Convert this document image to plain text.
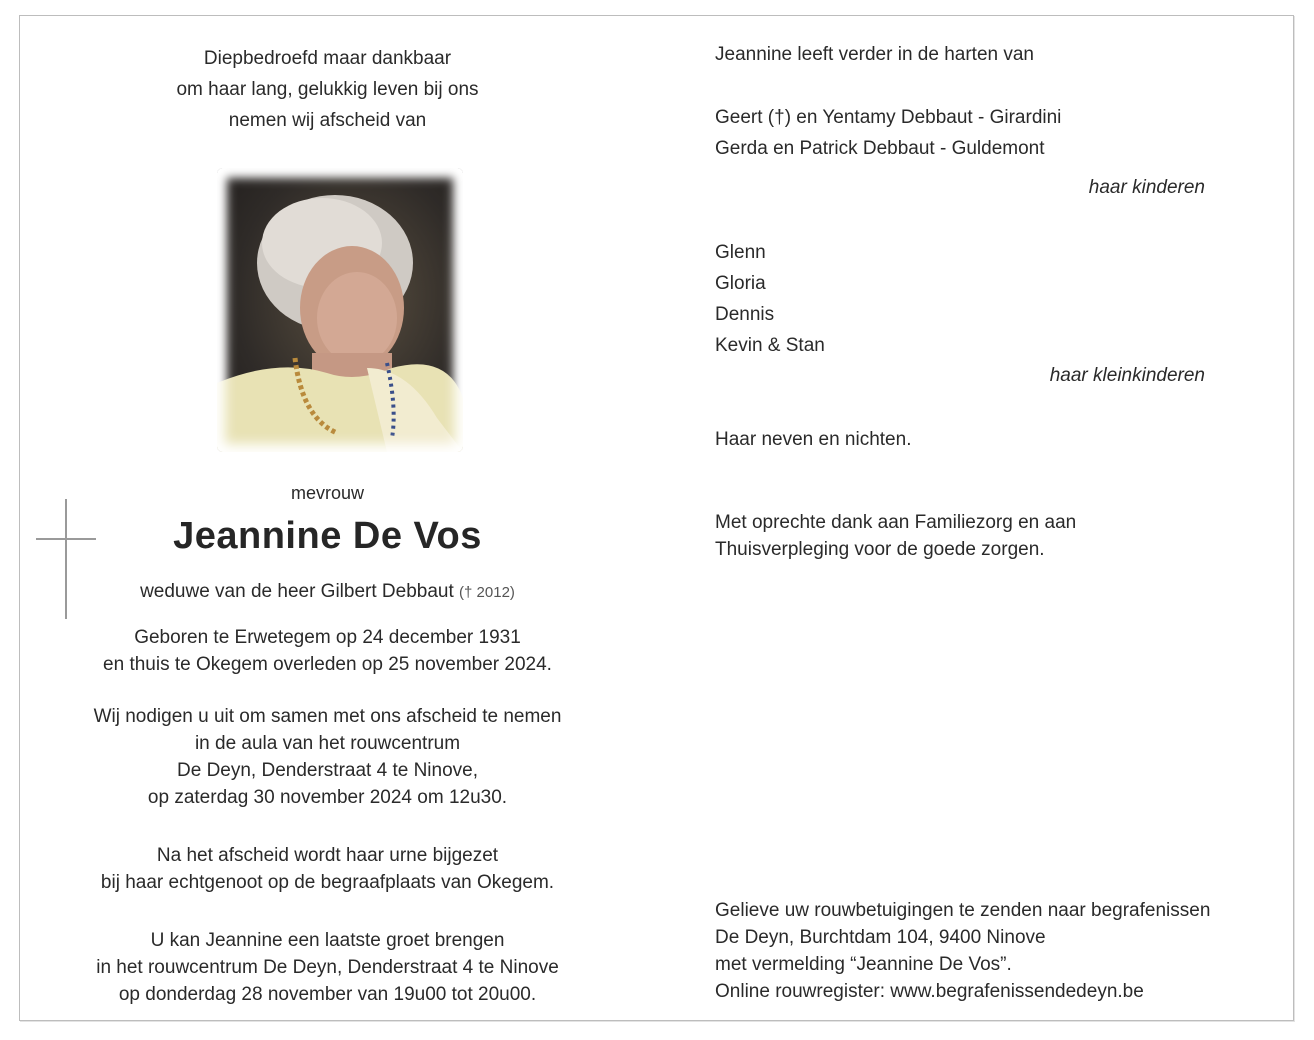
Diepbedroefd maar dankbaar
om haar lang, gelukkig leven bij ons
nemen wij afscheid van
mevrouw
Jeannine De Vos
weduwe van de heer Gilbert Debbaut († 2012)
Geboren te Erwetegem op 24 december 1931
en thuis te Okegem overleden op 25 november 2024.
Wij nodigen u uit om samen met ons afscheid te nemen
in de aula van het rouwcentrum
De Deyn, Denderstraat 4 te Ninove,
op zaterdag 30 november 2024 om 12u30.
Na het afscheid wordt haar urne bijgezet
bij haar echtgenoot op de begraafplaats van Okegem.
U kan Jeannine een laatste groet brengen
in het rouwcentrum De Deyn, Denderstraat 4 te Ninove
op donderdag 28 november van 19u00 tot 20u00.
Jeannine leeft verder in de harten van
Geert (†) en Yentamy Debbaut - Girardini
Gerda en Patrick Debbaut - Guldemont
haar kinderen
Glenn
Gloria
Dennis
Kevin & Stan
haar kleinkinderen
Haar neven en nichten.
Met oprechte dank aan Familiezorg en aan
Thuisverpleging voor de goede zorgen.
Gelieve uw rouwbetuigingen te zenden naar begrafenissen
De Deyn, Burchtdam 104, 9400 Ninove
met vermelding “Jeannine De Vos”.
Online rouwregister: www.begrafenissendedeyn.be
